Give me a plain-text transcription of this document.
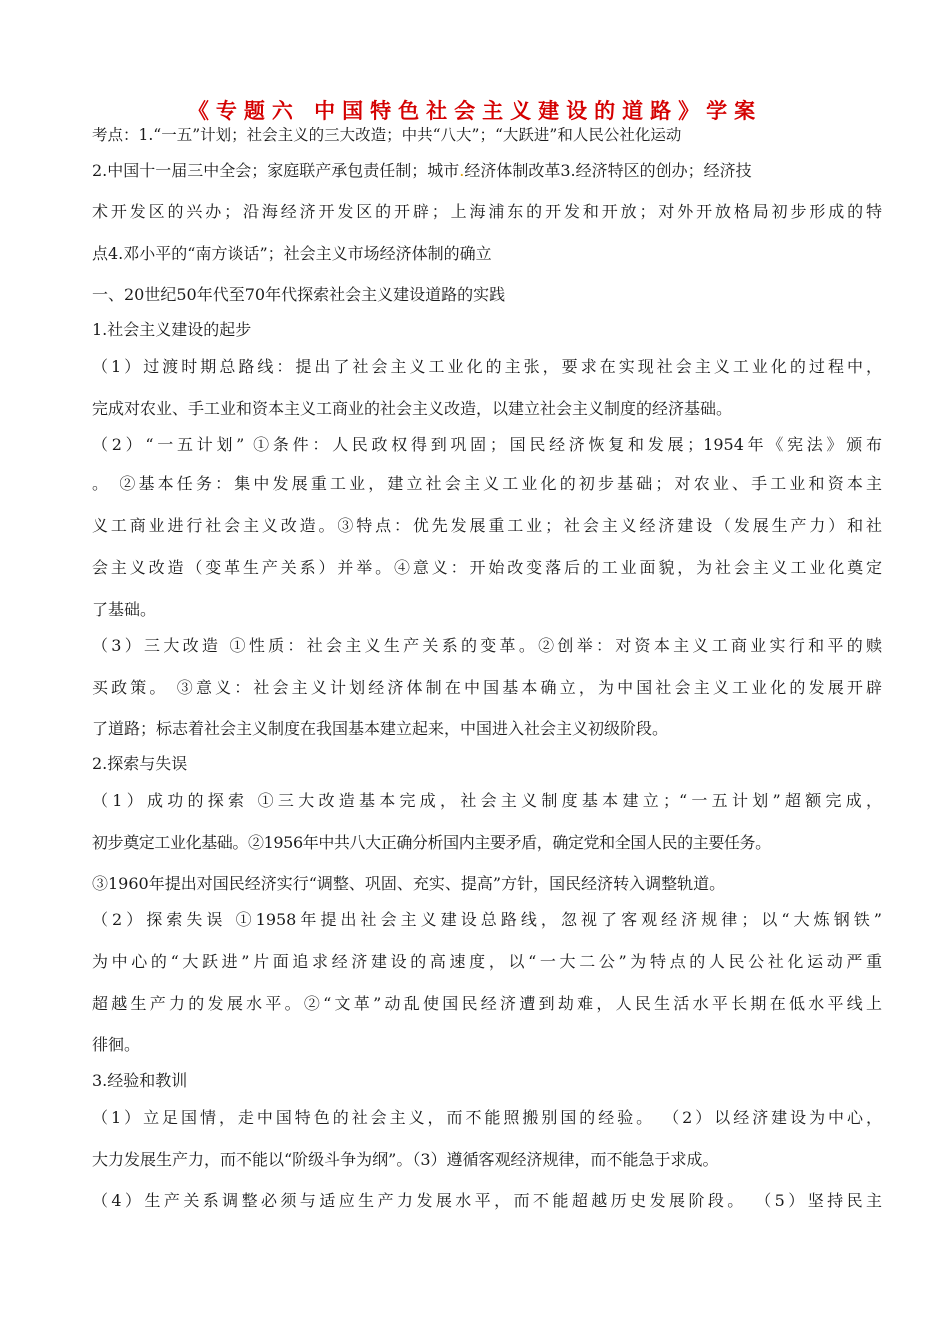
《专题六 中国特色社会主义建设的道路》学案
考点：1.“一五”计划；社会主义的三大改造；中共“八大”；“大跃进”和人民公社化运动
2.中国十一届三中全会；家庭联产承包责任制；城市.经济体制改革3.经济特区的创办；经济技
术开发区的兴办；沿海经济开发区的开辟；上海浦东的开发和开放；对外开放格局初步形成的特
点4.邓小平的“南方谈话”；社会主义市场经济体制的确立
一、20世纪50年代至70年代探索社会主义建设道路的实践
1.社会主义建设的起步
（1）过渡时期总路线：提出了社会主义工业化的主张，要求在实现社会主义工业化的过程中，
完成对农业、手工业和资本主义工商业的社会主义改造，以建立社会主义制度的经济基础。
（2）“一五计划” ①条件：人民政权得到巩固；国民经济恢复和发展；1954年《宪法》颁布
。 ②基本任务：集中发展重工业，建立社会主义工业化的初步基础；对农业、手工业和资本主
义工商业进行社会主义改造。③特点：优先发展重工业；社会主义经济建设（发展生产力）和社
会主义改造（变革生产关系）并举。④意义：开始改变落后的工业面貌，为社会主义工业化奠定
了基础。
（3）三大改造 ①性质：社会主义生产关系的变革。②创举：对资本主义工商业实行和平的赎
买政策。 ③意义：社会主义计划经济体制在中国基本确立，为中国社会主义工业化的发展开辟
了道路；标志着社会主义制度在我国基本建立起来，中国进入社会主义初级阶段。
2.探索与失误
（1）成功的探索 ①三大改造基本完成，社会主义制度基本建立；“一五计划”超额完成，
初步奠定工业化基础。②1956年中共八大正确分析国内主要矛盾，确定党和全国人民的主要任务。
③1960年提出对国民经济实行“调整、巩固、充实、提高”方针，国民经济转入调整轨道。
（2）探索失误 ①1958年提出社会主义建设总路线，忽视了客观经济规律；以“大炼钢铁”
为中心的“大跃进”片面追求经济建设的高速度，以“一大二公”为特点的人民公社化运动严重
超越生产力的发展水平。②“文革”动乱使国民经济遭到劫难，人民生活水平长期在低水平线上
徘徊。
3.经验和教训
（1）立足国情，走中国特色的社会主义，而不能照搬别国的经验。 （2）以经济建设为中心，
大力发展生产力，而不能以“阶级斗争为纲”。（3）遵循客观经济规律，而不能急于求成。
（4）生产关系调整必须与适应生产力发展水平，而不能超越历史发展阶段。 （5）坚持民主
